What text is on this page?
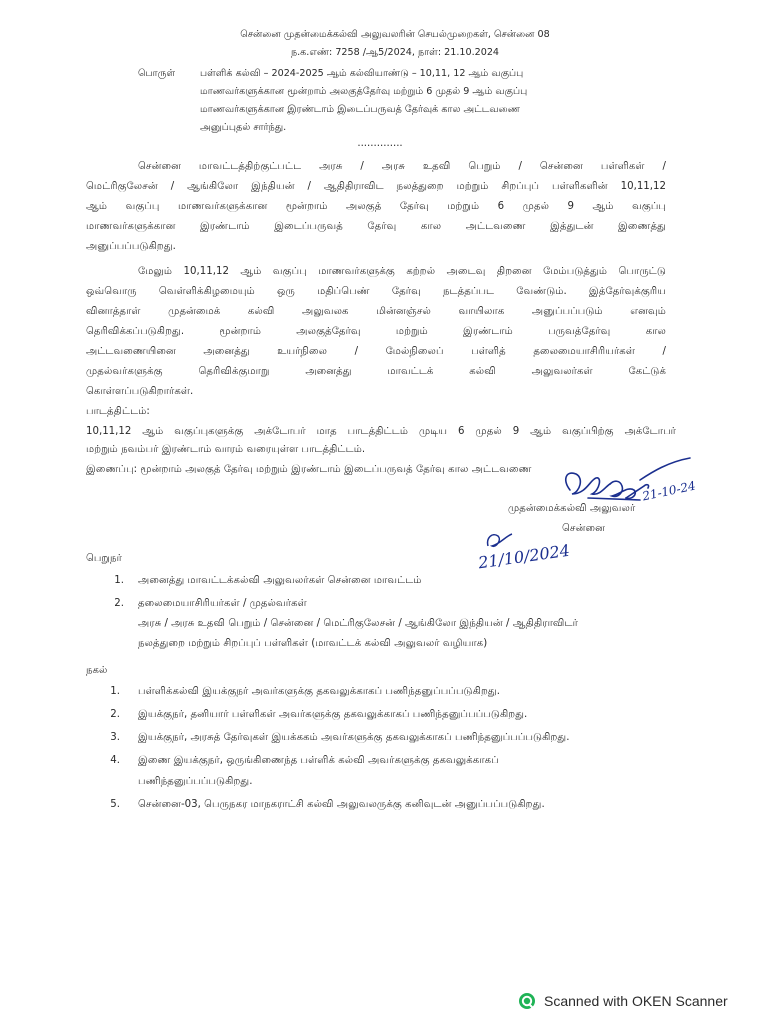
சென்னை முதன்மைக்கல்வி அலுவலரின் செயல்முறைகள், சென்னை 08
ந.க.எண்: 7258 /ஆ5/2024, நாள்: 21.10.2024
பொருள்	பள்ளிக் கல்வி – 2024-2025 ஆம் கல்வியாண்டு – 10,11, 12 ஆம் வகுப்பு
மாணவர்களுக்கான மூன்றாம் அலகுத்தேர்வு மற்றும் 6 முதல் 9 ஆம் வகுப்பு
மாணவர்களுக்கான இரண்டாம் இடைப்பருவத் தேர்வுக் கால அட்டவணை
அனுப்புதல் சார்ந்து.
..............
சென்னை மாவட்டத்திற்குட்பட்ட அரசு / அரசு உதவி பெறும் / சென்னை பள்ளிகள் /
மெட்ரிகுலேசன் / ஆங்கிலோ இந்தியன் / ஆதிதிராவிட நலத்துறை மற்றும் சிறப்புப் பள்ளிகளின் 10,11,12
ஆம் வகுப்பு மாணவர்களுக்கான மூன்றாம் அலகுத் தேர்வு மற்றும் 6 முதல் 9 ஆம் வகுப்பு
மாணவர்களுக்கான இரண்டாம் இடைப்பருவத் தேர்வு கால அட்டவணை இத்துடன் இணைத்து
அனுப்பப்படுகிறது.
மேலும் 10,11,12 ஆம் வகுப்பு மாணவர்களுக்கு கற்றல் அடைவு திறனை மேம்படுத்தும் பொருட்டு
ஒவ்வொரு வெள்ளிக்கிழமையும் ஒரு மதிப்பெண் தேர்வு நடத்தப்பட வேண்டும். இத்தேர்வுக்குரிய
வினாத்தாள் முதன்மைக் கல்வி அலுவலக மின்னஞ்சல் வாயிலாக அனுப்பப்படும் எனவும்
தெரிவிக்கப்படுகிறது. மூன்றாம் அலகுத்தேர்வு மற்றும் இரண்டாம் பருவத்தேர்வு கால
அட்டவணையினை அனைத்து உயர்நிலை / மேல்நிலைப் பள்ளித் தலைமையாசிரியர்கள் /
முதல்வர்களுக்கு தெரிவிக்குமாறு அனைத்து மாவட்டக் கல்வி அலுவலர்கள் கேட்டுக்
கொள்ளப்படுகிறார்கள்.
பாடத்திட்டம்:
10,11,12 ஆம் வகுப்புகளுக்கு அக்டோபர் மாத பாடத்திட்டம் முடிய 6 முதல் 9 ஆம் வகுப்பிற்கு அக்டோபர்
மற்றும் நவம்பர் இரண்டாம் வாரம் வரையுள்ள பாடத்திட்டம்.
இணைப்பு: மூன்றாம் அலகுத் தேர்வு மற்றும் இரண்டாம் இடைப்பருவத் தேர்வு கால அட்டவணை
21-10-24
முதன்மைக்கல்வி அலுவலர்
சென்னை
21/10/2024
பெறுநர்
1. அனைத்து மாவட்டக்கல்வி அலுவலர்கள் சென்னை மாவட்டம்
2. தலைமையாசிரியர்கள் / முதல்வர்கள்
அரசு / அரசு உதவி பெறும் / சென்னை / மெட்ரிகுலேசன் / ஆங்கிலோ இந்தியன் / ஆதிதிராவிடர்
நலத்துறை மற்றும் சிறப்புப் பள்ளிகள் (மாவட்டக் கல்வி அலுவலர் வழியாக)
நகல்
1. பள்ளிக்கல்வி இயக்குநர் அவர்களுக்கு தகவலுக்காகப் பணிந்தனுப்பப்படுகிறது.
2. இயக்குநர், தனியார் பள்ளிகள் அவர்களுக்கு தகவலுக்காகப் பணிந்தனுப்பப்படுகிறது.
3. இயக்குநர், அரசுத் தேர்வுகள் இயக்ககம் அவர்களுக்கு தகவலுக்காகப் பணிந்தனுப்பப்படுகிறது.
4. இணை இயக்குநர், ஒருங்கிணைந்த பள்ளிக் கல்வி அவர்களுக்கு தகவலுக்காகப்
பணிந்தனுப்பப்படுகிறது.
5. சென்னை-03, பெருநகர மாநகராட்சி கல்வி அலுவலருக்கு கனிவுடன் அனுப்பப்படுகிறது.
Scanned with OKEN Scanner
